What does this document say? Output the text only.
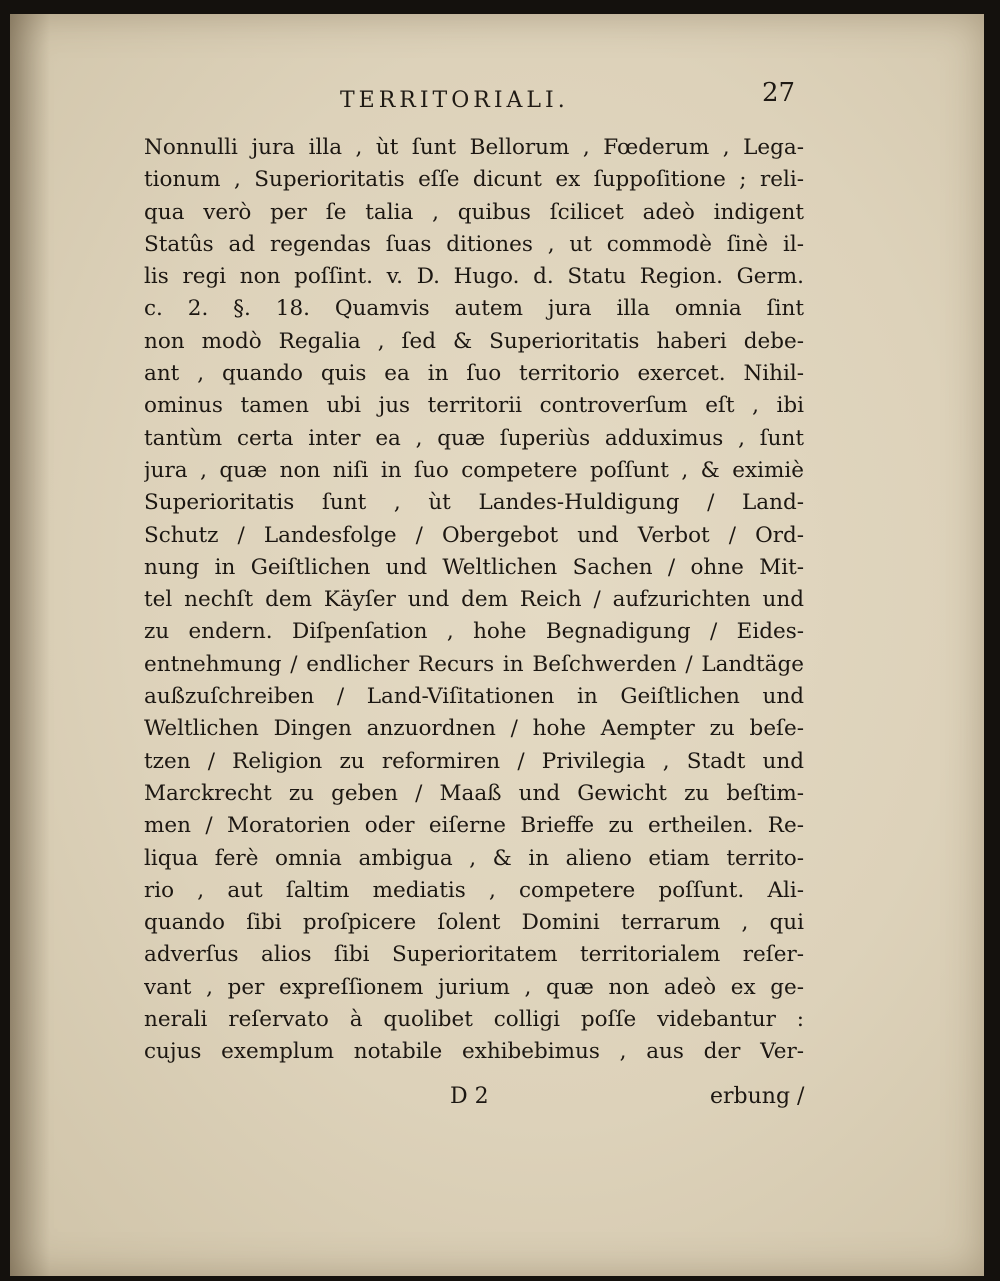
TERRITORIALI.	27
Nonnulli jura illa , ùt ſunt Bellorum , Fœderum , Lega-
tionum , Superioritatis eſſe dicunt ex ſuppoſitione ; reli-
qua verò per ſe talia , quibus ſcilicet adeò indigent
Statûs ad regendas ſuas ditiones , ut commodè ſinè il-
lis regi non poſſint. v. D. Hugo. d. Statu Region. Germ.
c. 2. §. 18. Quamvis autem jura illa omnia ſint
non modò Regalia , ſed & Superioritatis haberi debe-
ant , quando quis ea in ſuo territorio exercet. Nihil-
ominus tamen ubi jus territorii controverſum eſt , ibi
tantùm certa inter ea , quæ ſuperiùs adduximus , ſunt
jura , quæ non niſi in ſuo competere poſſunt , & eximiè
Superioritatis ſunt , ùt Landes-Huldigung / Land-
Schutz / Landesfolge / Obergebot und Verbot / Ord-
nung in Geiſtlichen und Weltlichen Sachen / ohne Mit-
tel nechſt dem Käyſer und dem Reich / aufzurichten und
zu endern. Diſpenſation , hohe Begnadigung / Eides-
entnehmung / endlicher Recurs in Beſchwerden / Landtäge
außzuſchreiben / Land-Viſitationen in Geiſtlichen und
Weltlichen Dingen anzuordnen / hohe Aempter zu beſe-
tzen / Religion zu reformiren / Privilegia , Stadt und
Marckrecht zu geben / Maaß und Gewicht zu beſtim-
men / Moratorien oder eiſerne Brieffe zu ertheilen. Re-
liqua ferè omnia ambigua , & in alieno etiam territo-
rio , aut ſaltim mediatis , competere poſſunt. Ali-
quando ſibi proſpicere ſolent Domini terrarum , qui
adverſus alios ſibi Superioritatem territorialem reſer-
vant , per expreſſionem jurium , quæ non adeò ex ge-
nerali reſervato à quolibet colligi poſſe videbantur :
cujus exemplum notabile exhibebimus , aus der Ver-
D 2	erbung /
